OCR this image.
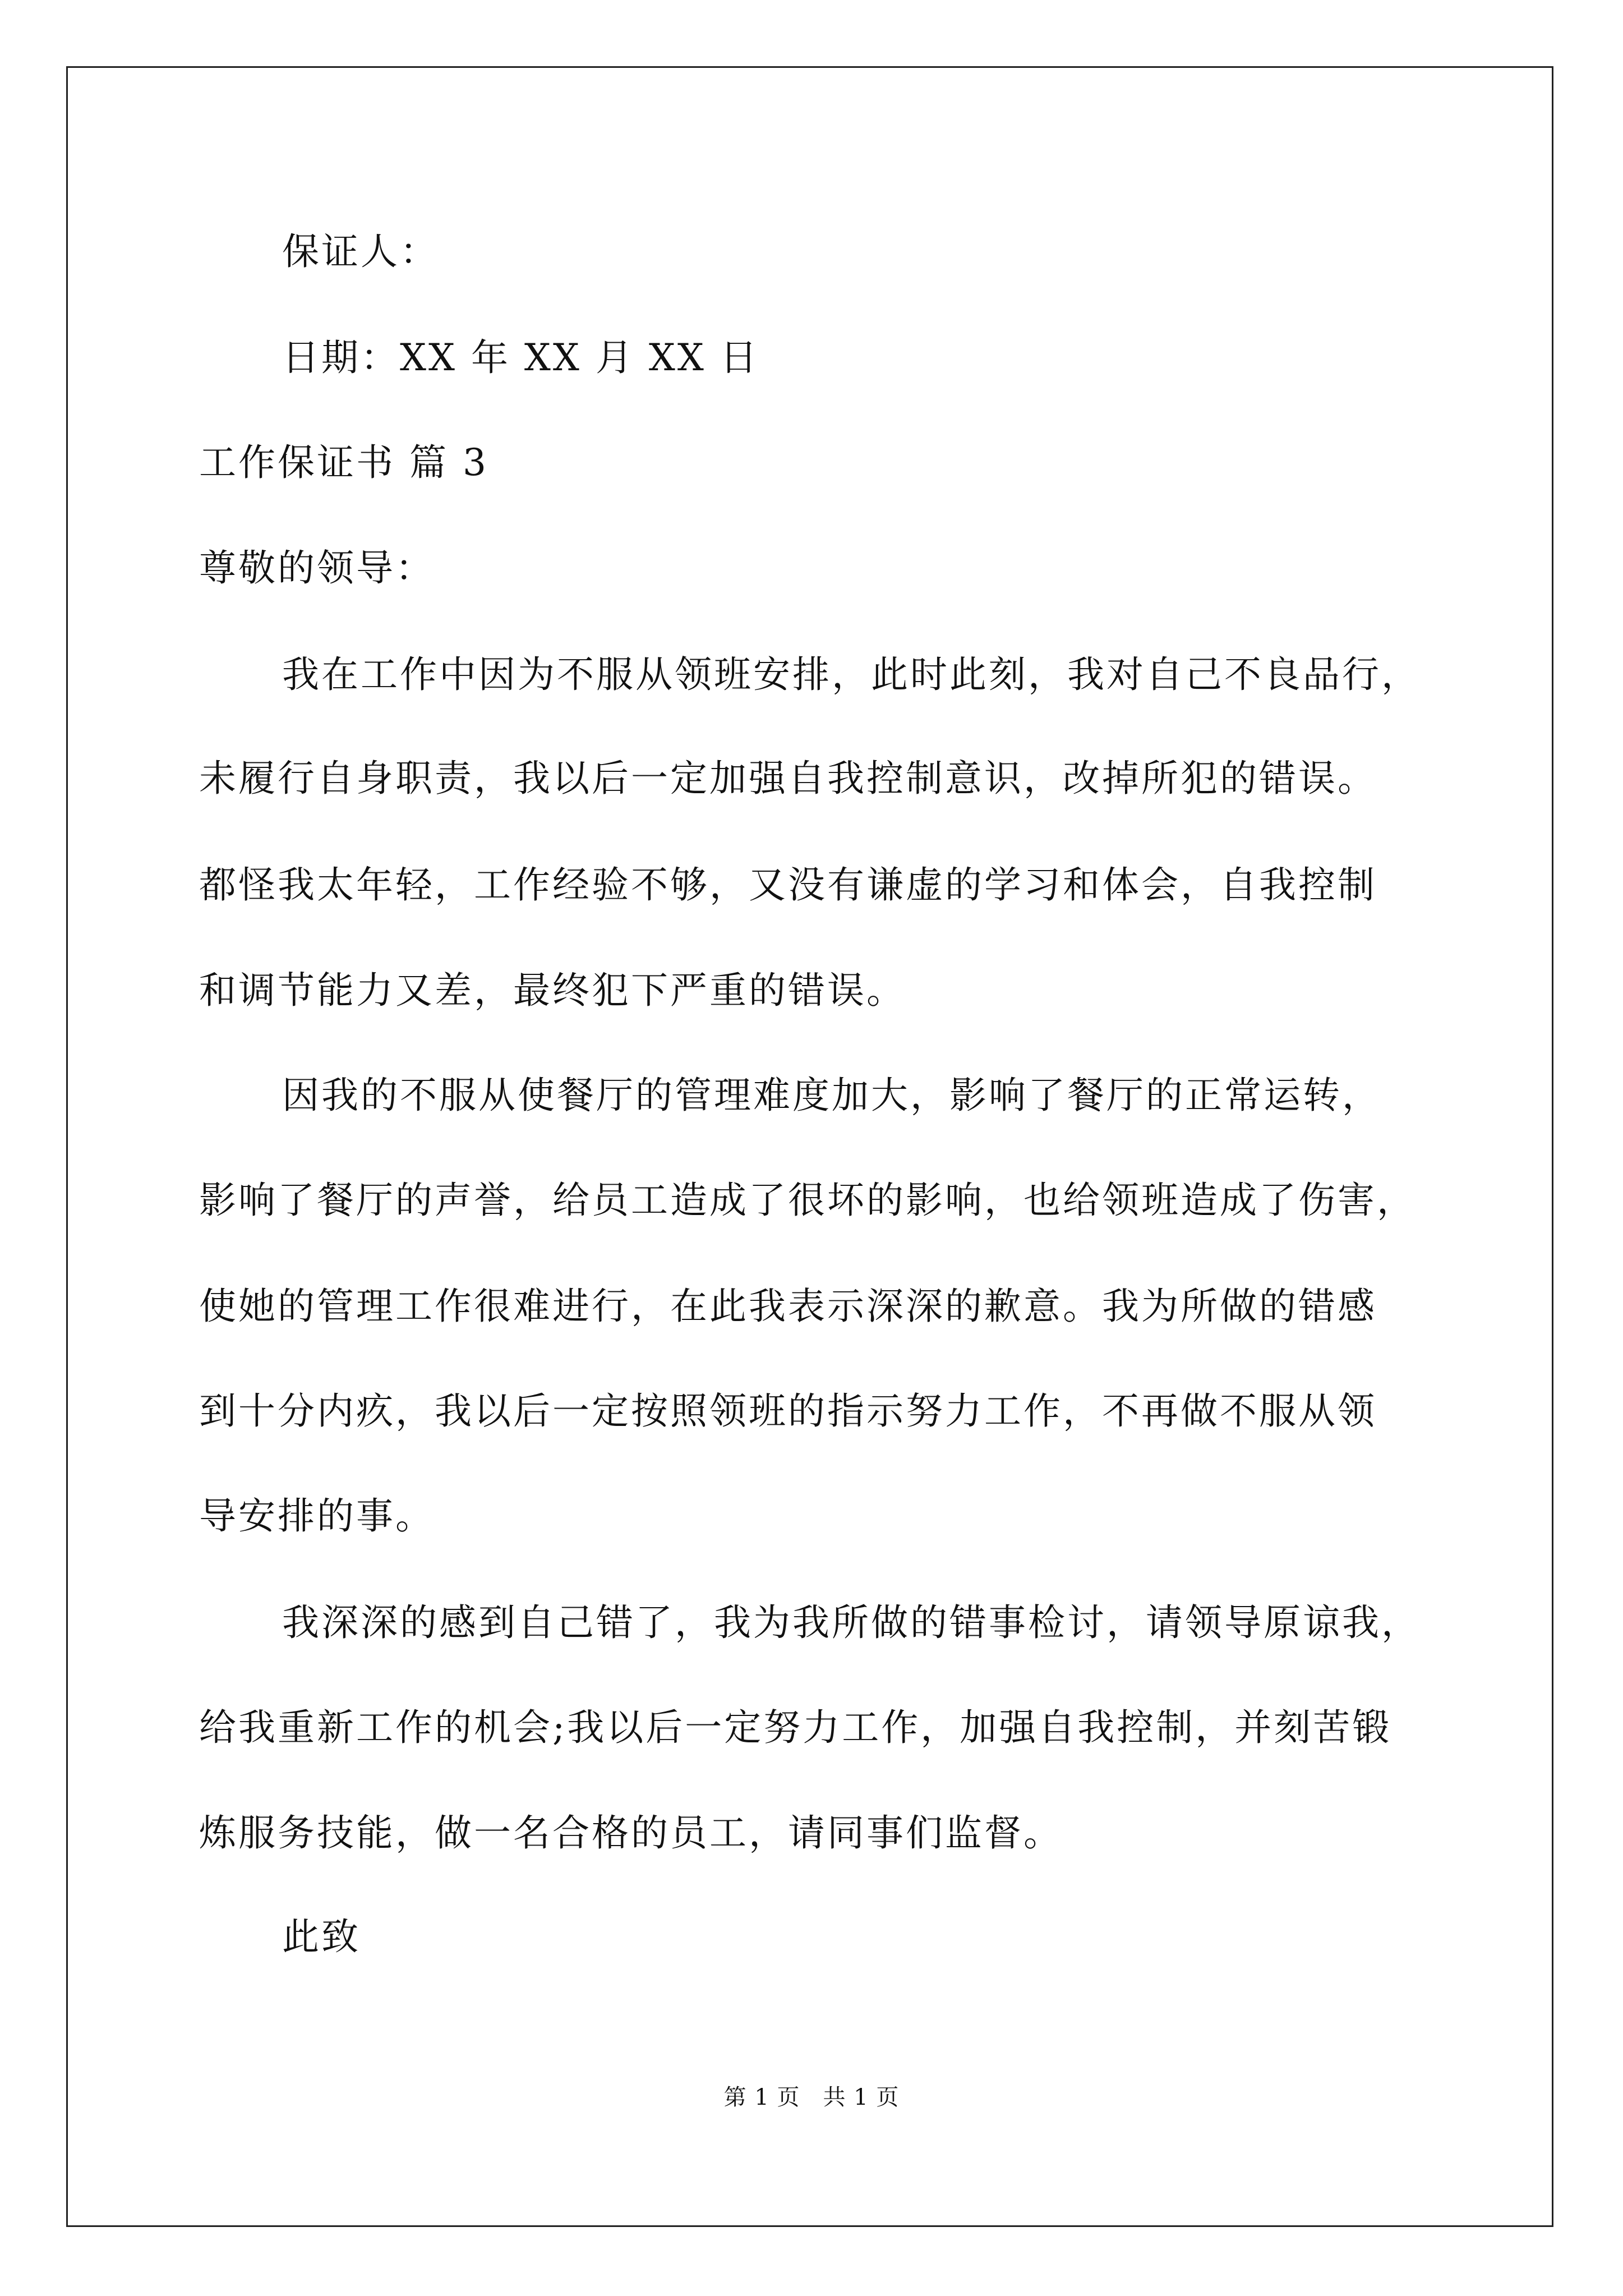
保证人：
日期：XX 年 XX 月 XX 日
工作保证书 篇 3
尊敬的领导：
我在工作中因为不服从领班安排，此时此刻，我对自己不良品行，
未履行自身职责，我以后一定加强自我控制意识，改掉所犯的错误。
都怪我太年轻，工作经验不够，又没有谦虚的学习和体会，自我控制
和调节能力又差，最终犯下严重的错误。
因我的不服从使餐厅的管理难度加大，影响了餐厅的正常运转，
影响了餐厅的声誉，给员工造成了很坏的影响，也给领班造成了伤害，
使她的管理工作很难进行，在此我表示深深的歉意。我为所做的错感
到十分内疚，我以后一定按照领班的指示努力工作，不再做不服从领
导安排的事。
我深深的感到自己错了，我为我所做的错事检讨，请领导原谅我，
给我重新工作的机会;我以后一定努力工作，加强自我控制，并刻苦锻
炼服务技能，做一名合格的员工，请同事们监督。
此致
第 1 页　共 1 页
